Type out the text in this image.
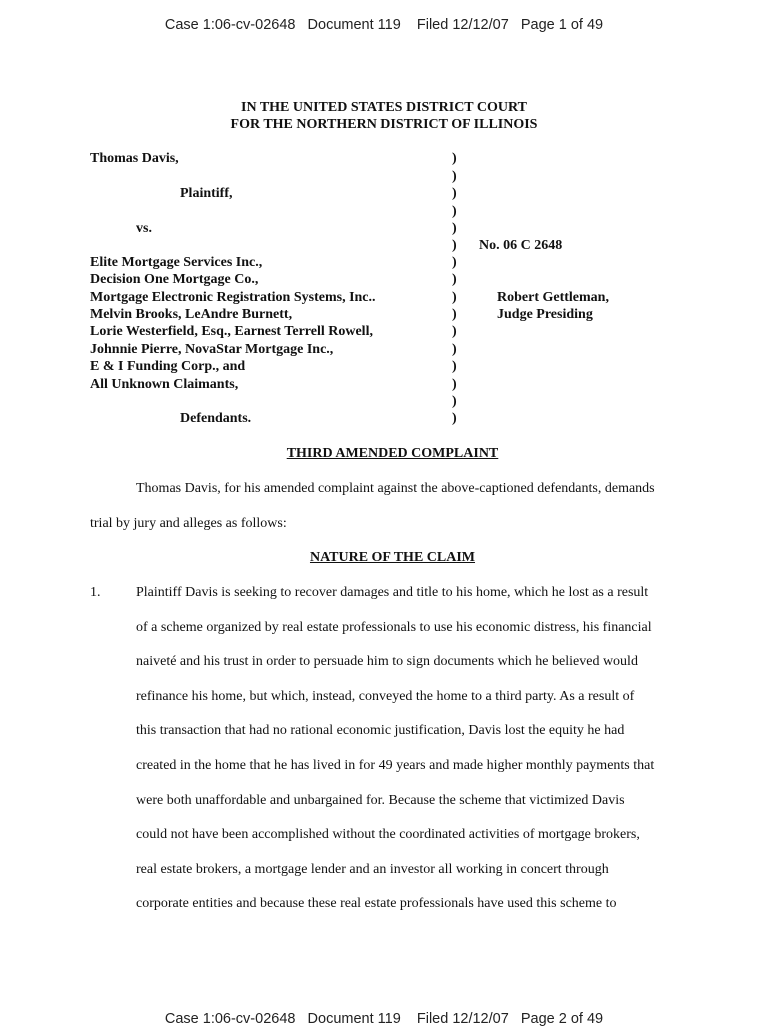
Case 1:06-cv-02648   Document 119    Filed 12/12/07   Page 1 of 49
IN THE UNITED STATES DISTRICT COURT
FOR THE NORTHERN DISTRICT OF ILLINOIS
Thomas Davis,
Plaintiff,
vs.
Elite Mortgage Services Inc.,
Decision One Mortgage Co.,
Mortgage Electronic Registration Systems, Inc..
Melvin Brooks, LeAndre Burnett,
Lorie Westerfield, Esq., Earnest Terrell Rowell,
Johnnie Pierre, NovaStar Mortgage Inc.,
E & I Funding Corp., and
All Unknown Claimants,
Defendants.
)
)
)
)
)
)
)
)
)
)
)
)
)
)
)
)
No. 06 C 2648
Robert Gettleman,
Judge Presiding
THIRD AMENDED COMPLAINT
Thomas Davis, for his amended complaint against the above-captioned defendants, demands
trial by jury and alleges as follows:
NATURE OF THE CLAIM
1.	Plaintiff Davis is seeking to recover damages and title to his home, which he lost as a result
of a scheme organized by real estate professionals to use his economic distress, his financial
naiveté and his trust in order to persuade him to sign documents which he believed would
refinance his home, but which, instead, conveyed the home to a third party. As a result of
this transaction that had no rational economic justification, Davis lost the equity he had
created in the home that he has lived in for 49 years and made higher monthly payments that
were both unaffordable and unbargained for. Because the scheme that victimized Davis
could not have been accomplished without the coordinated activities of mortgage brokers,
real estate brokers, a mortgage lender and an investor all working in concert through
corporate entities and because these real estate professionals have used this scheme to
Case 1:06-cv-02648   Document 119    Filed 12/12/07   Page 2 of 49
